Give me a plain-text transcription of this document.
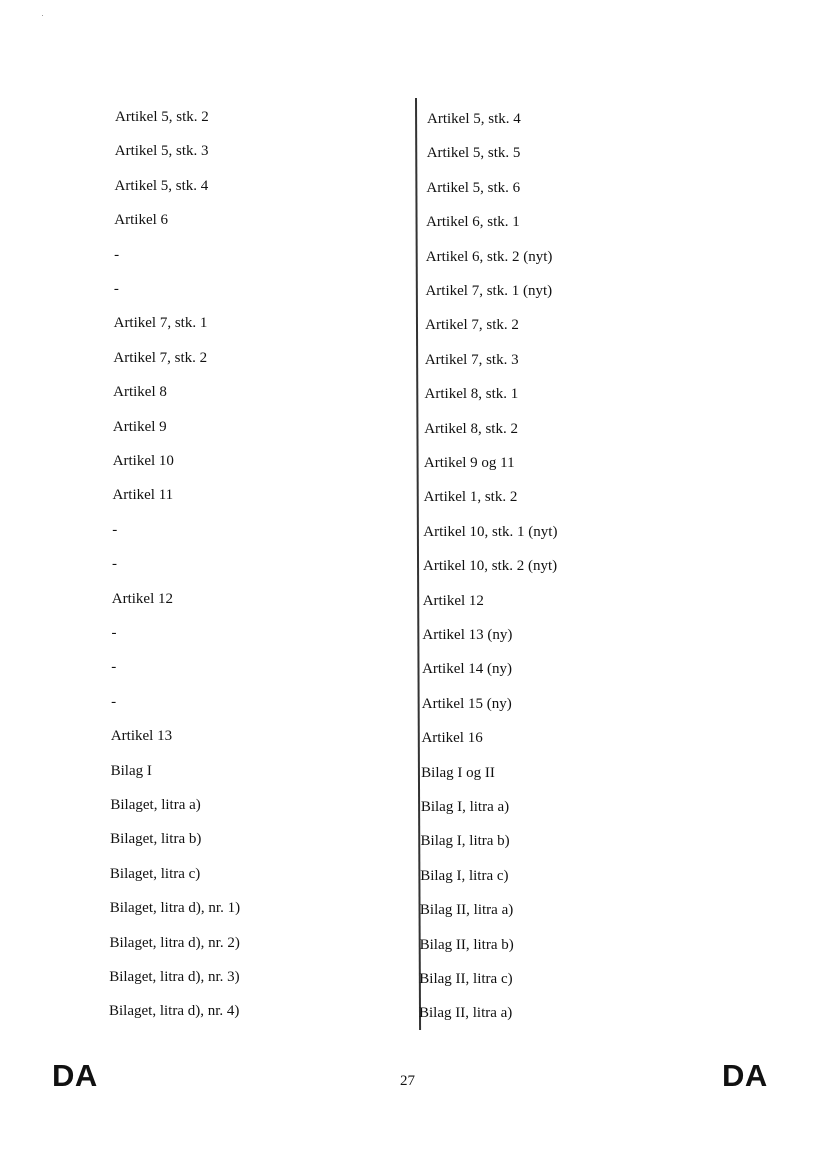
Artikel 5, stk. 2
Artikel 5, stk. 3
Artikel 5, stk. 4
Artikel 6
-
-
Artikel 7, stk. 1
Artikel 7, stk. 2
Artikel 8
Artikel 9
Artikel 10
Artikel 11
-
-
Artikel 12
-
-
-
Artikel 13
Bilag I
Bilaget, litra a)
Bilaget, litra b)
Bilaget, litra c)
Bilaget, litra d), nr. 1)
Bilaget, litra d), nr. 2)
Bilaget, litra d), nr. 3)
Bilaget, litra d), nr. 4)
Artikel 5, stk. 4
Artikel 5, stk. 5
Artikel 5, stk. 6
Artikel 6, stk. 1
Artikel 6, stk. 2 (nyt)
Artikel 7, stk. 1 (nyt)
Artikel 7, stk. 2
Artikel 7, stk. 3
Artikel 8, stk. 1
Artikel 8, stk. 2
Artikel 9 og 11
Artikel 1, stk. 2
Artikel 10, stk. 1 (nyt)
Artikel 10, stk. 2 (nyt)
Artikel 12
Artikel 13 (ny)
Artikel 14 (ny)
Artikel 15 (ny)
Artikel 16
Bilag I og II
Bilag I, litra a)
Bilag I, litra b)
Bilag I, litra c)
Bilag II, litra a)
Bilag II, litra b)
Bilag II, litra c)
Bilag II, litra a)
DA	27	DA
